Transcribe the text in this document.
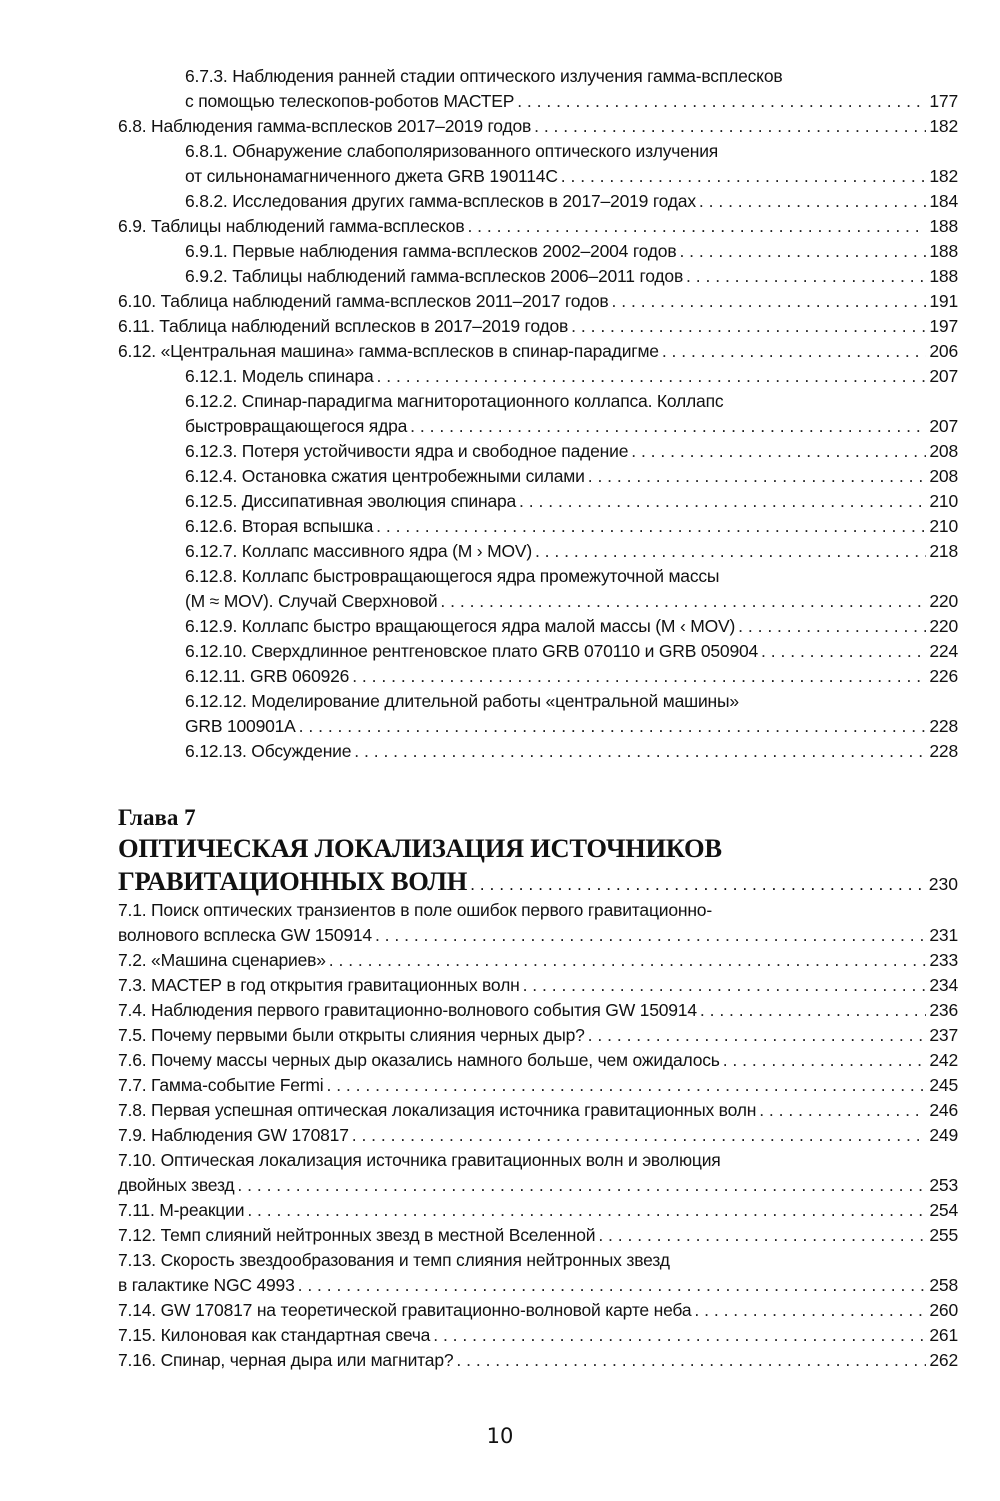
6.7.3. Наблюдения ранней стадии оптического излучения гамма-всплесков
с помощью телескопов-роботов МАСТЕР . . .	177
6.8. Наблюдения гамма-всплесков 2017–2019 годов . . .	182
6.8.1. Обнаружение слабополяризованного оптического излучения
от сильнонамагниченного джета GRB 190114C . . .	182
6.8.2. Исследования других гамма-всплесков в 2017–2019 годах . . .	184
6.9. Таблицы наблюдений гамма-всплесков . . .	188
6.9.1. Первые наблюдения гамма-всплесков 2002–2004 годов . . .	188
6.9.2. Таблицы наблюдений гамма-всплесков 2006–2011 годов . . .	188
6.10. Таблица наблюдений гамма-всплесков 2011–2017 годов . . .	191
6.11. Таблица наблюдений всплесков в 2017–2019 годов . . .	197
6.12. «Центральная машина» гамма-всплесков в спинар-парадигме . . .	206
6.12.1. Модель спинара . . .	207
6.12.2. Спинар-парадигма магниторотационного коллапса. Коллапс
быстровращающегося ядра . . .	207
6.12.3. Потеря устойчивости ядра и свободное падение . . .	208
6.12.4. Остановка сжатия центробежными силами . . .	208
6.12.5. Диссипативная эволюция спинара . . .	210
6.12.6. Вторая вспышка . . .	210
6.12.7. Коллапс массивного ядра (M › MOV) . . .	218
6.12.8. Коллапс быстровращающегося ядра промежуточной массы
(M ≈ MOV). Случай Сверхновой . . .	220
6.12.9. Коллапс быстро вращающегося ядра малой массы (M ‹ MOV) . . .	220
6.12.10. Сверхдлинное рентгеновское плато GRB 070110 и GRB 050904 . . .	224
6.12.11. GRB 060926 . . .	226
6.12.12. Моделирование длительной работы «центральной машины»
GRB 100901A . . .	228
6.12.13. Обсуждение . . .	228
Глава 7
ОПТИЧЕСКАЯ ЛОКАЛИЗАЦИЯ ИСТОЧНИКОВ
ГРАВИТАЦИОННЫХ ВОЛН . . .	230
7.1. Поиск оптических транзиентов в поле ошибок первого гравитационно-
волнового всплеска GW 150914 . . .	231
7.2. «Машина сценариев» . . .	233
7.3. МАСТЕР в год открытия гравитационных волн . . .	234
7.4. Наблюдения первого гравитационно-волнового события GW 150914 . . .	236
7.5. Почему первыми были открыты слияния черных дыр? . . .	237
7.6. Почему массы черных дыр оказались намного больше, чем ожидалось . . .	242
7.7. Гамма-событие Fermi . . .	245
7.8. Первая успешная оптическая локализация источника гравитационных волн . . .	246
7.9. Наблюдения GW 170817 . . .	249
7.10. Оптическая локализация источника гравитационных волн и эволюция
двойных звезд . . .	253
7.11. M-реакции . . .	254
7.12. Темп слияний нейтронных звезд в местной Вселенной . . .	255
7.13. Скорость звездообразования и темп слияния нейтронных звезд
в галактике NGC 4993 . . .	258
7.14. GW 170817 на теоретической гравитационно-волновой карте неба . . .	260
7.15. Килоновая как стандартная свеча . . .	261
7.16. Спинар, черная дыра или магнитар? . . .	262
10
